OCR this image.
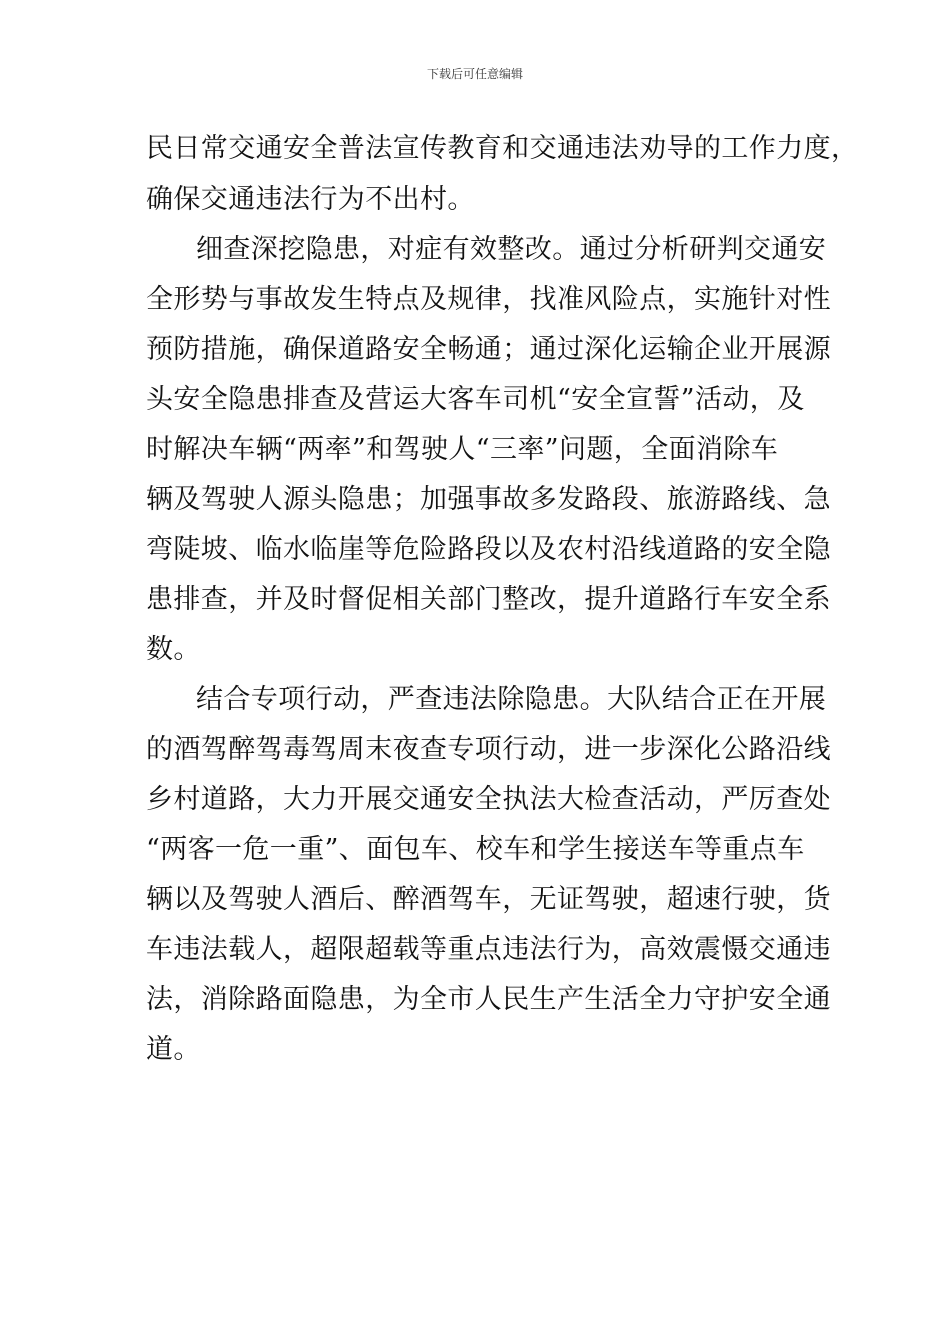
下载后可任意编辑
民日常交通安全普法宣传教育和交通违法劝导的工作力度，
确保交通违法行为不出村。
细查深挖隐患，对症有效整改。通过分析研判交通安
全形势与事故发生特点及规律，找准风险点，实施针对性
预防措施，确保道路安全畅通；通过深化运输企业开展源
头安全隐患排查及营运大客车司机“安全宣誓”活动，及
时解决车辆“两率”和驾驶人“三率”问题，全面消除车
辆及驾驶人源头隐患；加强事故多发路段、旅游路线、急
弯陡坡、临水临崖等危险路段以及农村沿线道路的安全隐
患排查，并及时督促相关部门整改，提升道路行车安全系
数。
结合专项行动，严查违法除隐患。大队结合正在开展
的酒驾醉驾毒驾周末夜查专项行动，进一步深化公路沿线
乡村道路，大力开展交通安全执法大检查活动，严厉查处
“两客一危一重”、面包车、校车和学生接送车等重点车
辆以及驾驶人酒后、醉酒驾车，无证驾驶，超速行驶，货
车违法载人，超限超载等重点违法行为，高效震慑交通违
法，消除路面隐患，为全市人民生产生活全力守护安全通
道。
